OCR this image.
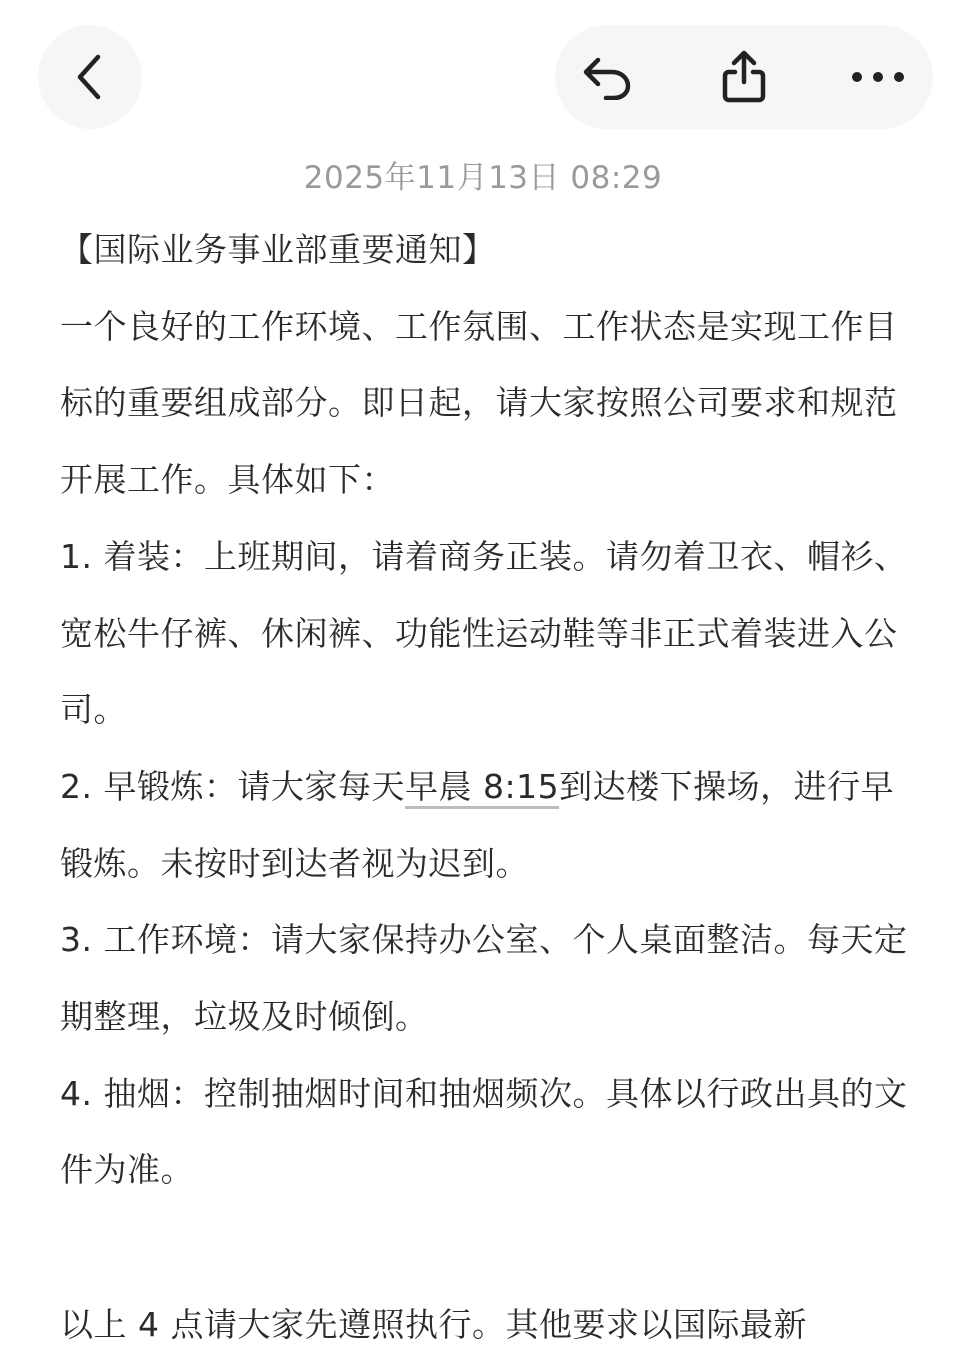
2025年11月13日 08:29

【国际业务事业部重要通知】

一个良好的工作环境、工作氛围、工作状态是实现工作目标的重要组成部分。即日起，请大家按照公司要求和规范开展工作。具体如下：

1. 着装：上班期间，请着商务正装。请勿着卫衣、帽衫、宽松牛仔裤、休闲裤、功能性运动鞋等非正式着装进入公司。

2. 早锻炼：请大家每天早晨 8:15到达楼下操场，进行早锻炼。未按时到达者视为迟到。

3. 工作环境：请大家保持办公室、个人桌面整洁。每天定期整理，垃圾及时倾倒。

4. 抽烟：控制抽烟时间和抽烟频次。具体以行政出具的文件为准。

以上 4 点请大家先遵照执行。其他要求以国际最新
